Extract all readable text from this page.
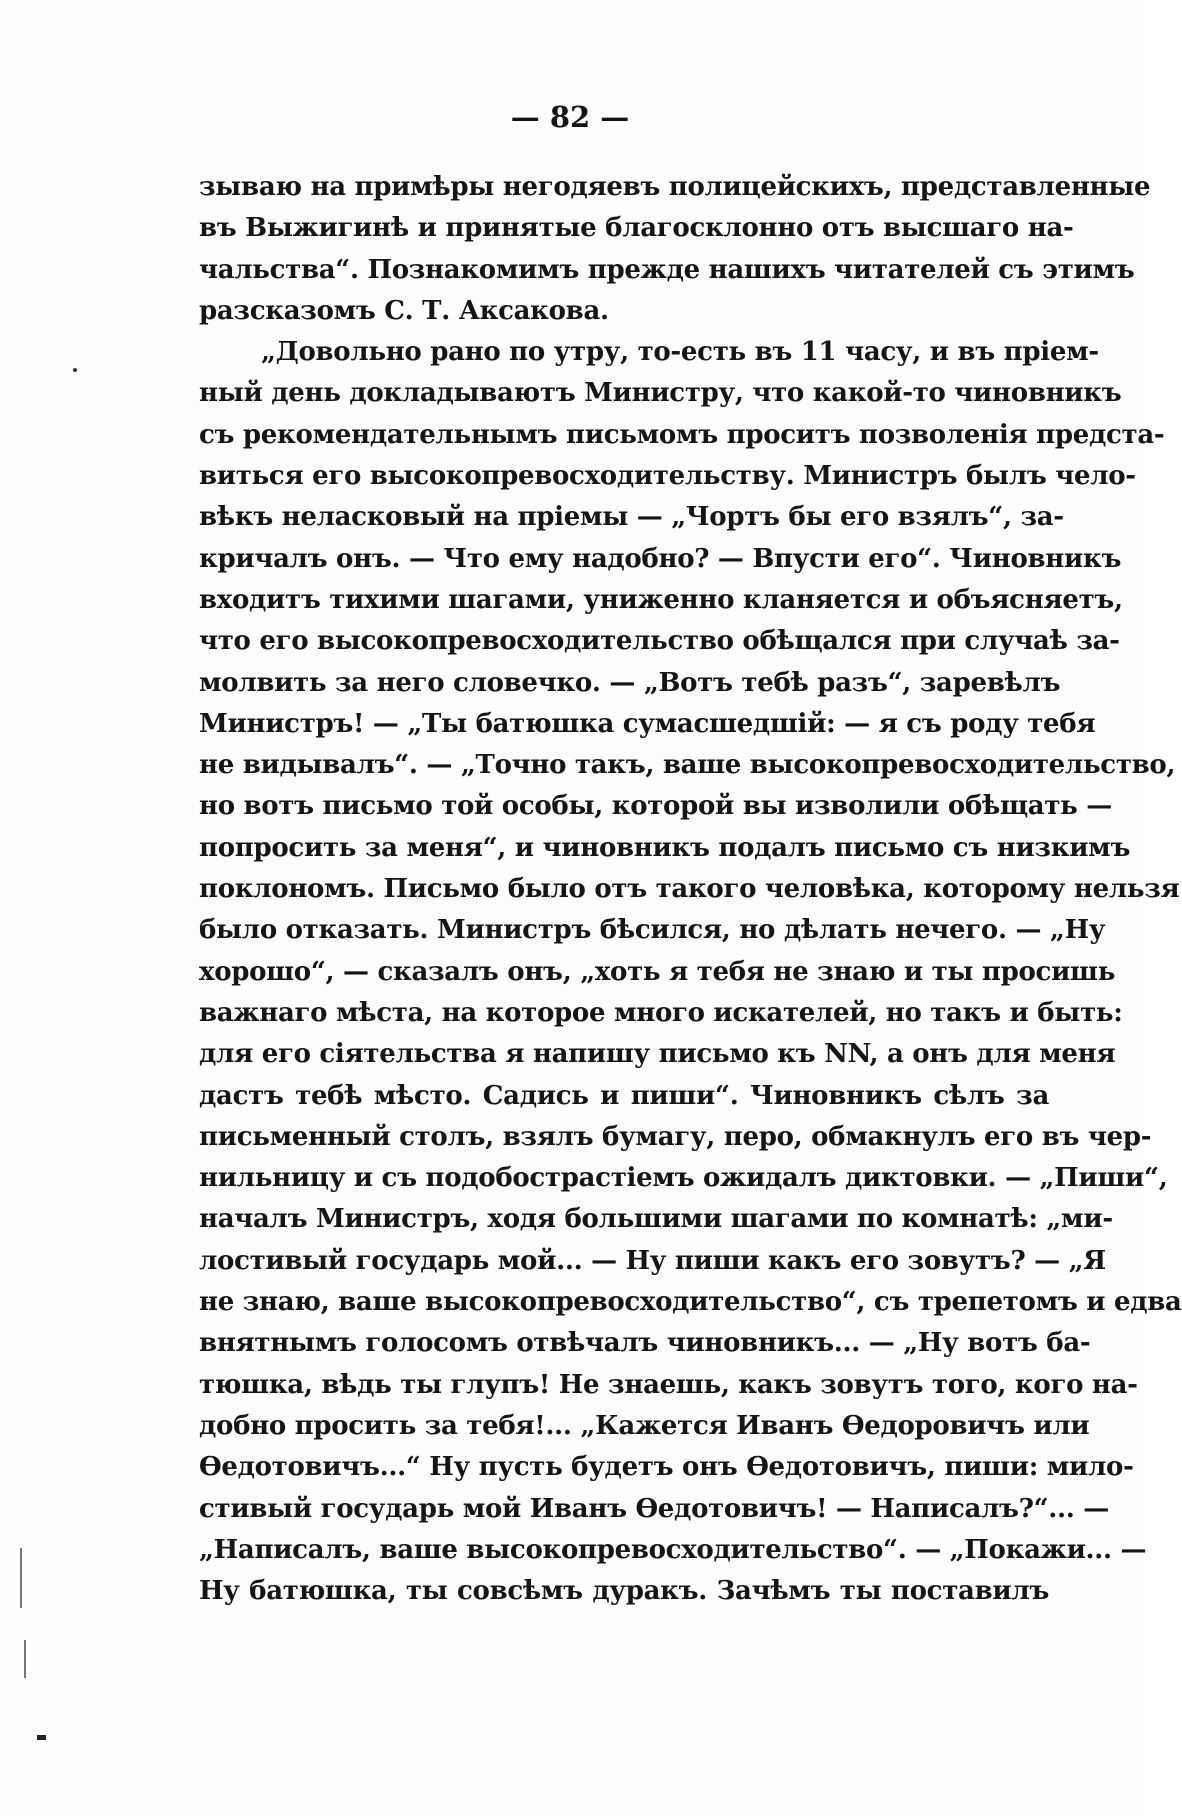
— 82 —
зываю на примѣры негодяевъ полицейскихъ, представленные
въ Выжигинѣ и принятые благосклонно отъ высшаго на-
чальства“. Познакомимъ прежде нашихъ читателей съ этимъ
разсказомъ С. Т. Аксакова.
„Довольно рано по утру, то-есть въ 11 часу, и въ пріем-
ный день докладываютъ Министру, что какой-то чиновникъ
съ рекомендательнымъ письмомъ проситъ позволенія предста-
виться его высокопревосходительству. Министръ былъ чело-
вѣкъ неласковый на пріемы — „Чортъ бы его взялъ“, за-
кричалъ онъ. — Что ему надобно? — Впусти его“. Чиновникъ
входитъ тихими шагами, униженно кланяется и объясняетъ,
что его высокопревосходительство обѣщался при случаѣ за-
молвить за него словечко. — „Вотъ тебѣ разъ“, заревѣлъ
Министръ! — „Ты батюшка сумасшедшій: — я съ роду тебя
не видывалъ“. — „Точно такъ, ваше высокопревосходительство,
но вотъ письмо той особы, которой вы изволили обѣщать —
попросить за меня“, и чиновникъ подалъ письмо съ низкимъ
поклономъ. Письмо было отъ такого человѣка, которому нельзя
было отказать. Министръ бѣсился, но дѣлать нечего. — „Ну
хорошо“, — сказалъ онъ, „хоть я тебя не знаю и ты просишь
важнаго мѣста, на которое много искателей, но такъ и быть:
для его сіятельства я напишу письмо къ NN, а онъ для меня
дастъ тебѣ мѣсто. Садись и пиши“. Чиновникъ сѣлъ за
письменный столъ, взялъ бумагу, перо, обмакнулъ его въ чер-
нильницу и съ подобострастіемъ ожидалъ диктовки. — „Пиши“,
началъ Министръ, ходя большими шагами по комнатѣ: „ми-
лостивый государь мой... — Ну пиши какъ его зовутъ? — „Я
не знаю, ваше высокопревосходительство“, съ трепетомъ и едва
внятнымъ голосомъ отвѣчалъ чиновникъ... — „Ну вотъ ба-
тюшка, вѣдь ты глупъ! Не знаешь, какъ зовутъ того, кого на-
добно просить за тебя!... „Кажется Иванъ Ѳедоровичъ или
Ѳедотовичъ...“ Ну пусть будетъ онъ Ѳедотовичъ, пиши: мило-
стивый государь мой Иванъ Ѳедотовичъ! — Написалъ?“... —
„Написалъ, ваше высокопревосходительство“. — „Покажи... —
Ну батюшка, ты совсѣмъ дуракъ. Зачѣмъ ты поставилъ
